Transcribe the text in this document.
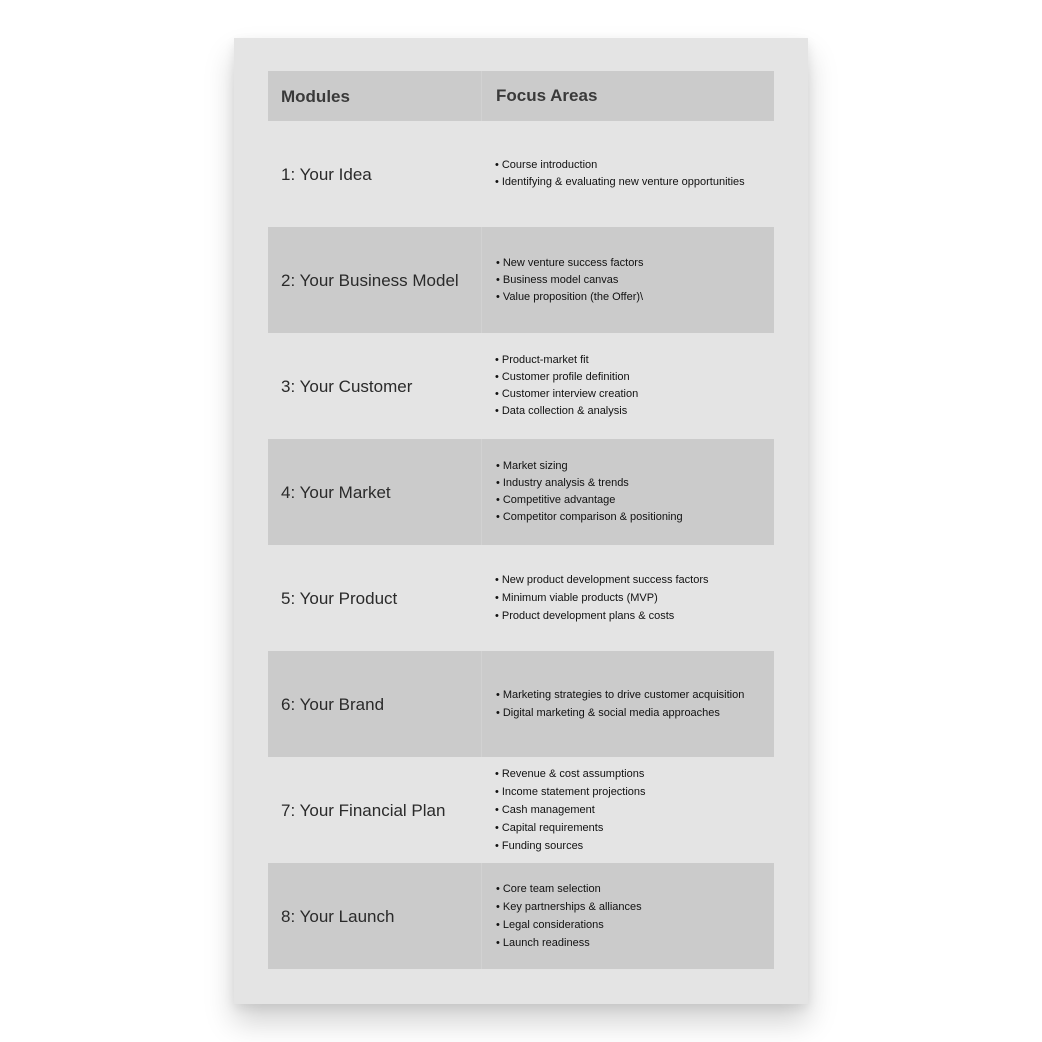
Modules	Focus Areas
1: Your Idea	• Course introduction
• Identifying & evaluating new venture opportunities
2: Your Business Model
• New venture success factors
• Business model canvas
• Value proposition (the Offer)\
3: Your Customer
• Product-market fit
• Customer profile definition
• Customer interview creation
• Data collection & analysis
4: Your Market
• Market sizing
• Industry analysis & trends
• Competitive advantage
• Competitor comparison & positioning
5: Your Product
• New product development success factors
• Minimum viable products (MVP)
• Product development plans & costs
6: Your Brand	• Marketing strategies to drive customer acquisition
• Digital marketing & social media approaches
7: Your Financial Plan
• Revenue & cost assumptions
• Income statement projections
• Cash management
• Capital requirements
• Funding sources
8: Your Launch
• Core team selection
• Key partnerships & alliances
• Legal considerations
• Launch readiness
